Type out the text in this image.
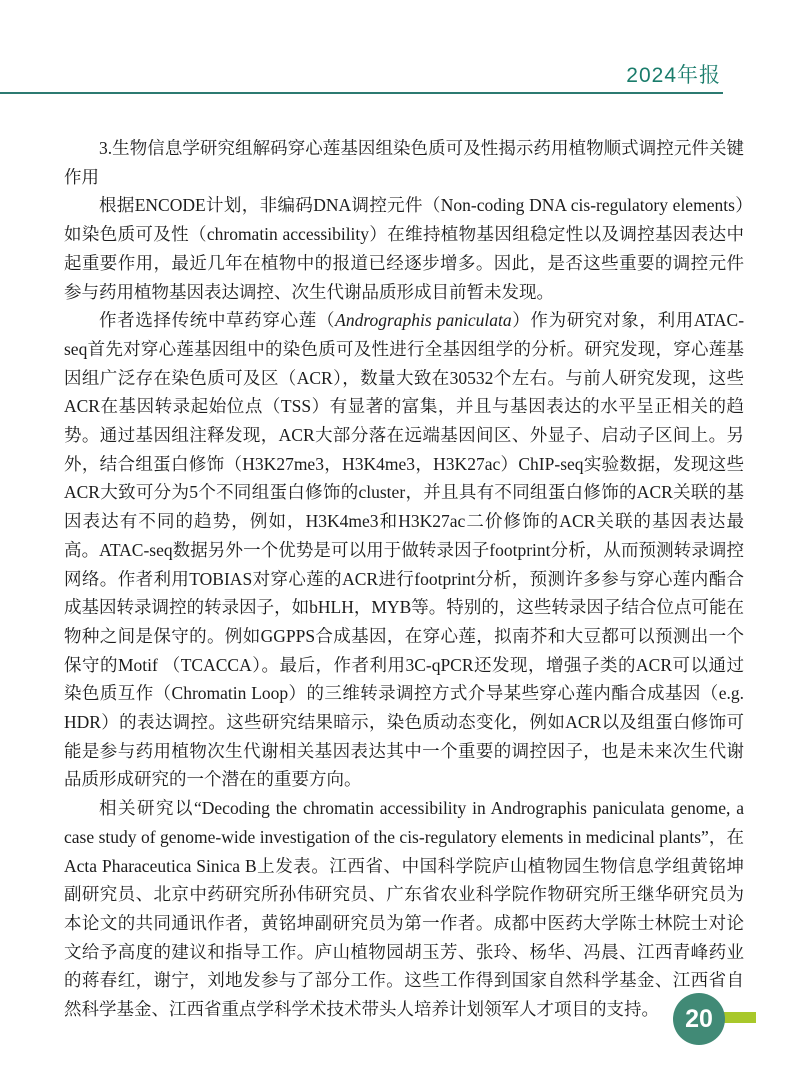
2024年报

3.生物信息学研究组解码穿心莲基因组染色质可及性揭示药用植物顺式调控元件关键作用

根据ENCODE计划，非编码DNA调控元件（Non-coding DNA cis-regulatory elements）如染色质可及性（chromatin accessibility）在维持植物基因组稳定性以及调控基因表达中起重要作用，最近几年在植物中的报道已经逐步增多。因此，是否这些重要的调控元件参与药用植物基因表达调控、次生代谢品质形成目前暂未发现。

作者选择传统中草药穿心莲（Andrographis paniculata）作为研究对象，利用ATAC-seq首先对穿心莲基因组中的染色质可及性进行全基因组学的分析。研究发现，穿心莲基因组广泛存在染色质可及区（ACR），数量大致在30532个左右。与前人研究发现，这些ACR在基因转录起始位点（TSS）有显著的富集，并且与基因表达的水平呈正相关的趋势。通过基因组注释发现，ACR大部分落在远端基因间区、外显子、启动子区间上。另外，结合组蛋白修饰（H3K27me3，H3K4me3，H3K27ac）ChIP-seq实验数据，发现这些ACR大致可分为5个不同组蛋白修饰的cluster，并且具有不同组蛋白修饰的ACR关联的基因表达有不同的趋势，例如，H3K4me3和H3K27ac二价修饰的ACR关联的基因表达最高。ATAC-seq数据另外一个优势是可以用于做转录因子footprint分析，从而预测转录调控网络。作者利用TOBIAS对穿心莲的ACR进行footprint分析，预测许多参与穿心莲内酯合成基因转录调控的转录因子，如bHLH，MYB等。特别的，这些转录因子结合位点可能在物种之间是保守的。例如GGPPS合成基因，在穿心莲，拟南芥和大豆都可以预测出一个保守的Motif （TCACCA）。最后，作者利用3C-qPCR还发现，增强子类的ACR可以通过染色质互作（Chromatin Loop）的三维转录调控方式介导某些穿心莲内酯合成基因（e.g. HDR）的表达调控。这些研究结果暗示，染色质动态变化，例如ACR以及组蛋白修饰可能是参与药用植物次生代谢相关基因表达其中一个重要的调控因子，也是未来次生代谢品质形成研究的一个潜在的重要方向。

相关研究以“Decoding the chromatin accessibility in Andrographis paniculata genome, a case study of genome-wide investigation of the cis-regulatory elements in medicinal plants”，在Acta Pharaceutica Sinica B上发表。江西省、中国科学院庐山植物园生物信息学组黄铭坤副研究员、北京中药研究所孙伟研究员、广东省农业科学院作物研究所王继华研究员为本论文的共同通讯作者，黄铭坤副研究员为第一作者。成都中医药大学陈士林院士对论文给予高度的建议和指导工作。庐山植物园胡玉芳、张玲、杨华、冯晨、江西青峰药业的蒋春红，谢宁，刘地发参与了部分工作。这些工作得到国家自然科学基金、江西省自然科学基金、江西省重点学科学术技术带头人培养计划领军人才项目的支持。	20
